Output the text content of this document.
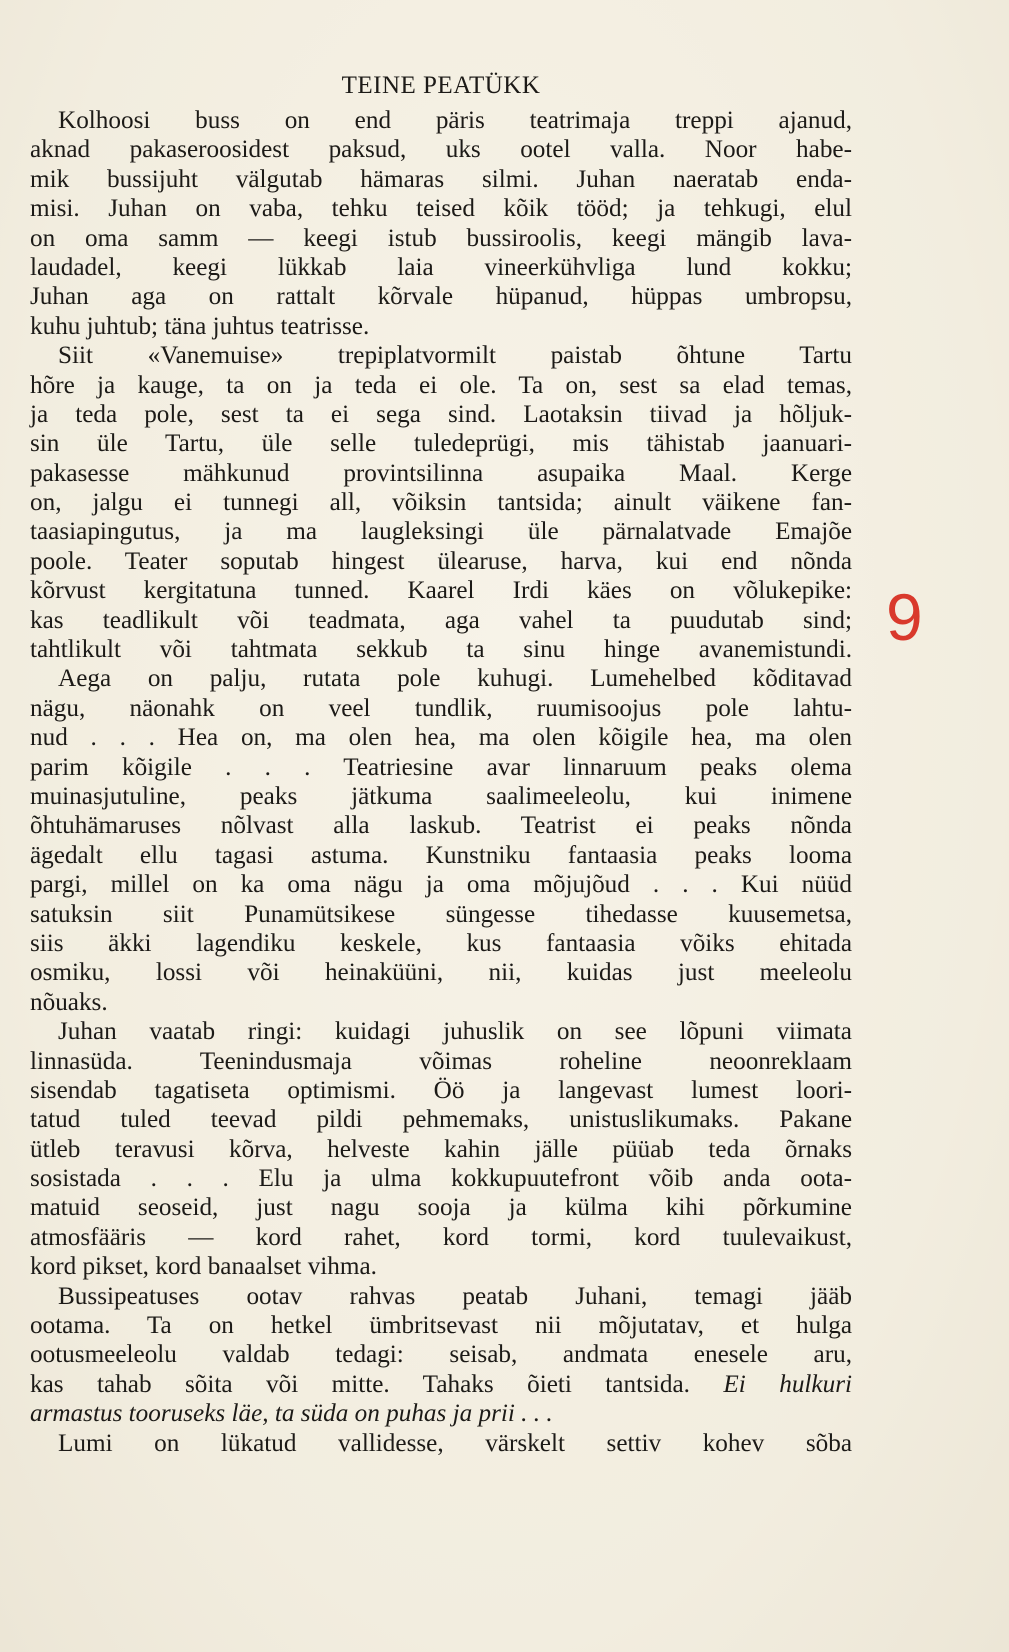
TEINE PEATÜKK
Kolhoosi buss on end päris teatrimaja treppi ajanud,
aknad pakaseroosidest paksud, uks ootel valla. Noor habe-
mik bussijuht välgutab hämaras silmi. Juhan naeratab enda-
misi. Juhan on vaba, tehku teised kõik tööd; ja tehkugi, elul
on oma samm — keegi istub bussiroolis, keegi mängib lava-
laudadel, keegi lükkab laia vineerkühvliga lund kokku;
Juhan aga on rattalt kõrvale hüpanud, hüppas umbropsu,
kuhu juhtub; täna juhtus teatrisse.
Siit «Vanemuise» trepiplatvormilt paistab õhtune Tartu
hõre ja kauge, ta on ja teda ei ole. Ta on, sest sa elad temas,
ja teda pole, sest ta ei sega sind. Laotaksin tiivad ja hõljuk-
sin üle Tartu, üle selle tuledeprügi, mis tähistab jaanuari-
pakasesse mähkunud provintsilinna asupaika Maal. Kerge
on, jalgu ei tunnegi all, võiksin tantsida; ainult väikene fan-
taasiapingutus, ja ma laugleksingi üle pärnalatvade Emajõe
poole. Teater soputab hingest ülearuse, harva, kui end nõnda
kõrvust kergitatuna tunned. Kaarel Irdi käes on võlukepike:
kas teadlikult või teadmata, aga vahel ta puudutab sind;
tahtlikult või tahtmata sekkub ta sinu hinge avanemistundi.
Aega on palju, rutata pole kuhugi. Lumehelbed kõditavad
nägu, näonahk on veel tundlik, ruumisoojus pole lahtu-
nud . . . Hea on, ma olen hea, ma olen kõigile hea, ma olen
parim kõigile . . . Teatriesine avar linnaruum peaks olema
muinasjutuline, peaks jätkuma saalimeeleolu, kui inimene
õhtuhämaruses nõlvast alla laskub. Teatrist ei peaks nõnda
ägedalt ellu tagasi astuma. Kunstniku fantaasia peaks looma
pargi, millel on ka oma nägu ja oma mõjujõud . . . Kui nüüd
satuksin siit Punamütsikese süngesse tihedasse kuusemetsa,
siis äkki lagendiku keskele, kus fantaasia võiks ehitada
osmiku, lossi või heinaküüni, nii, kuidas just meeleolu
nõuaks.
Juhan vaatab ringi: kuidagi juhuslik on see lõpuni viimata
linnasüda. Teenindusmaja võimas roheline neoonreklaam
sisendab tagatiseta optimismi. Öö ja langevast lumest loori-
tatud tuled teevad pildi pehmemaks, unistuslikumaks. Pakane
ütleb teravusi kõrva, helveste kahin jälle püüab teda õrnaks
sosistada . . . Elu ja ulma kokkupuutefront võib anda oota-
matuid seoseid, just nagu sooja ja külma kihi põrkumine
atmosfääris — kord rahet, kord tormi, kord tuulevaikust,
kord pikset, kord banaalset vihma.
Bussipeatuses ootav rahvas peatab Juhani, temagi jääb
ootama. Ta on hetkel ümbritsevast nii mõjutatav, et hulga
ootusmeeleolu valdab tedagi: seisab, andmata enesele aru,
kas tahab sõita või mitte. Tahaks õieti tantsida. Ei hulkuri
armastus tooruseks läe, ta süda on puhas ja prii . . .
Lumi on lükatud vallidesse, värskelt settiv kohev sõba
9
